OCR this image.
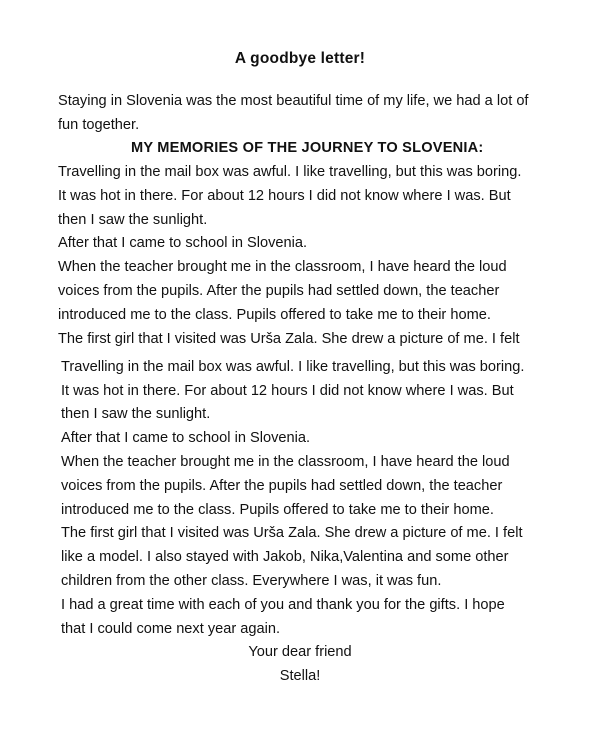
A goodbye letter!
Staying in Slovenia was the most beautiful time of my life, we had a lot of
fun together.
MY MEMORIES OF THE JOURNEY TO SLOVENIA:
Travelling in the mail box was awful. I like travelling, but this was boring.
It was hot in there. For about 12 hours I did not know where I was. But
then I saw the sunlight.
After that I came to school in Slovenia.
When the teacher brought me in the classroom, I have heard the loud
voices from the pupils. After the pupils had settled down, the teacher
introduced me to the class. Pupils offered to take me to their home.
The first girl that I visited was Urša Zala. She drew a picture of me. I felt
Travelling in the mail box was awful. I like travelling, but this was boring.
It was hot in there. For about 12 hours I did not know where I was. But
then I saw the sunlight.
After that I came to school in Slovenia.
When the teacher brought me in the classroom, I have heard the loud
voices from the pupils. After the pupils had settled down, the teacher
introduced me to the class. Pupils offered to take me to their home.
The first girl that I visited was Urša Zala. She drew a picture of me. I felt
like a model. I also stayed with Jakob, Nika,Valentina and some other
children from the other class. Everywhere I was, it was fun.
I had a great time with each of you and thank you for the gifts. I hope
that I could come next year again.
Your dear friend
Stella!
